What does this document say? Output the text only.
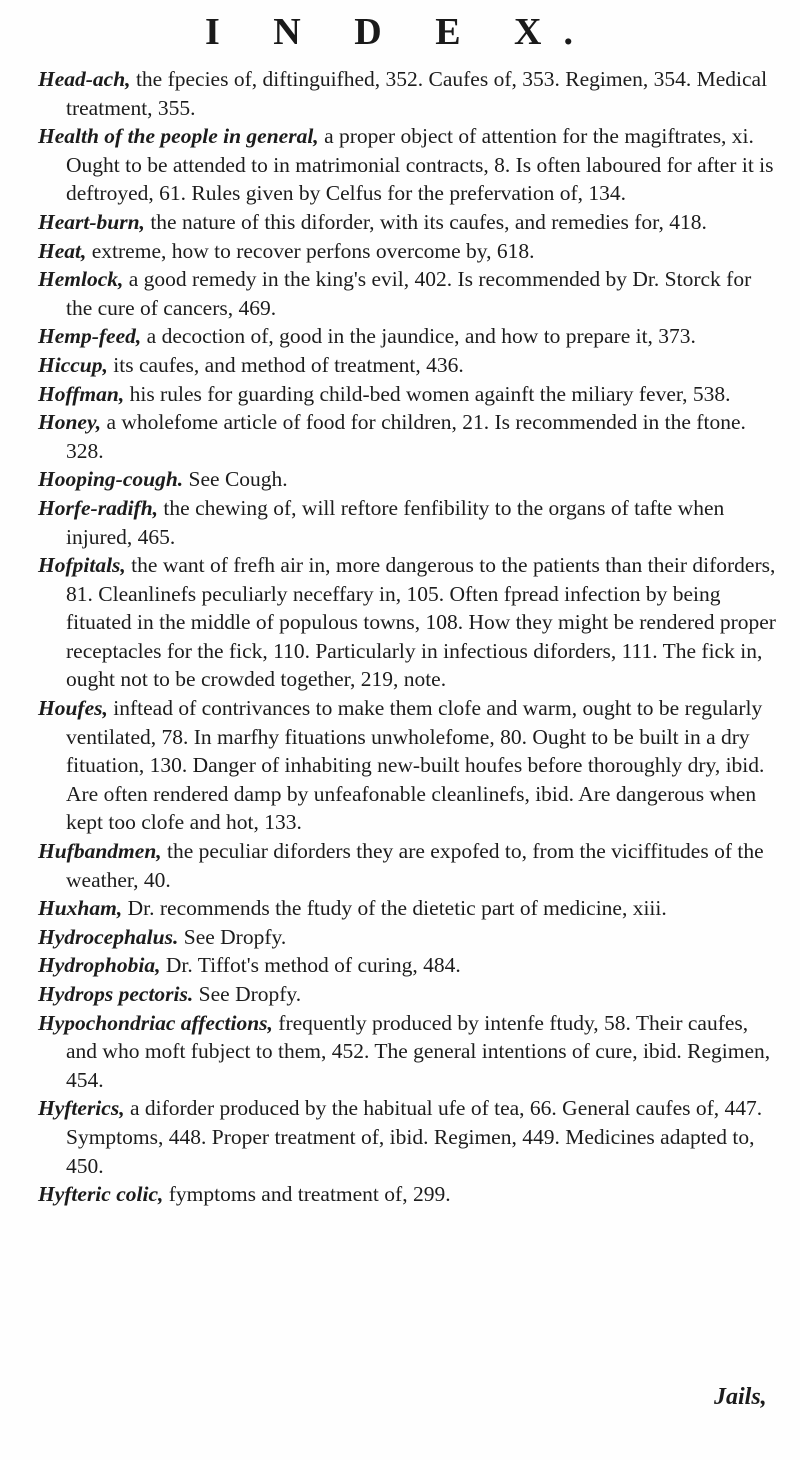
I N D E X.

Head-ach, the fpecies of, diftinguifhed, 352. Caufes of, 353. Regimen, 354. Medical treatment, 355.

Health of the people in general, a proper object of attention for the magiftrates, xi. Ought to be attended to in matrimonial contracts, 8. Is often laboured for after it is deftroyed, 61. Rules given by Celfus for the prefervation of, 134.

Heart-burn, the nature of this diforder, with its caufes, and remedies for, 418.

Heat, extreme, how to recover perfons overcome by, 618.

Hemlock, a good remedy in the king's evil, 402. Is recommended by Dr. Storck for the cure of cancers, 469.

Hemp-feed, a decoction of, good in the jaundice, and how to prepare it, 373.

Hiccup, its caufes, and method of treatment, 436.

Hoffman, his rules for guarding child-bed women againft the miliary fever, 538.

Honey, a wholefome article of food for children, 21. Is recommended in the ftone. 328.

Hooping-cough. See Cough.

Horfe-radifh, the chewing of, will reftore fenfibility to the organs of tafte when injured, 465.

Hofpitals, the want of frefh air in, more dangerous to the patients than their diforders, 81. Cleanlinefs peculiarly neceffary in, 105. Often fpread infection by being fituated in the middle of populous towns, 108. How they might be rendered proper receptacles for the fick, 110. Particularly in infectious diforders, 111. The fick in, ought not to be crowded together, 219, note.

Houfes, inftead of contrivances to make them clofe and warm, ought to be regularly ventilated, 78. In marfhy fituations unwholefome, 80. Ought to be built in a dry fituation, 130. Danger of inhabiting new-built houfes before thoroughly dry, ibid. Are often rendered damp by unfeafonable cleanlinefs, ibid. Are dangerous when kept too clofe and hot, 133.

Hufbandmen, the peculiar diforders they are expofed to, from the viciffitudes of the weather, 40.

Huxham, Dr. recommends the ftudy of the dietetic part of medicine, xiii.

Hydrocephalus. See Dropfy.

Hydrophobia, Dr. Tiffot's method of curing, 484.

Hydrops pectoris. See Dropfy.

Hypochondriac affections, frequently produced by intenfe ftudy, 58. Their caufes, and who moft fubject to them, 452. The general intentions of cure, ibid. Regimen, 454.

Hyfterics, a diforder produced by the habitual ufe of tea, 66. General caufes of, 447. Symptoms, 448. Proper treatment of, ibid. Regimen, 449. Medicines adapted to, 450.

Hyfteric colic, fymptoms and treatment of, 299.

Jails,
